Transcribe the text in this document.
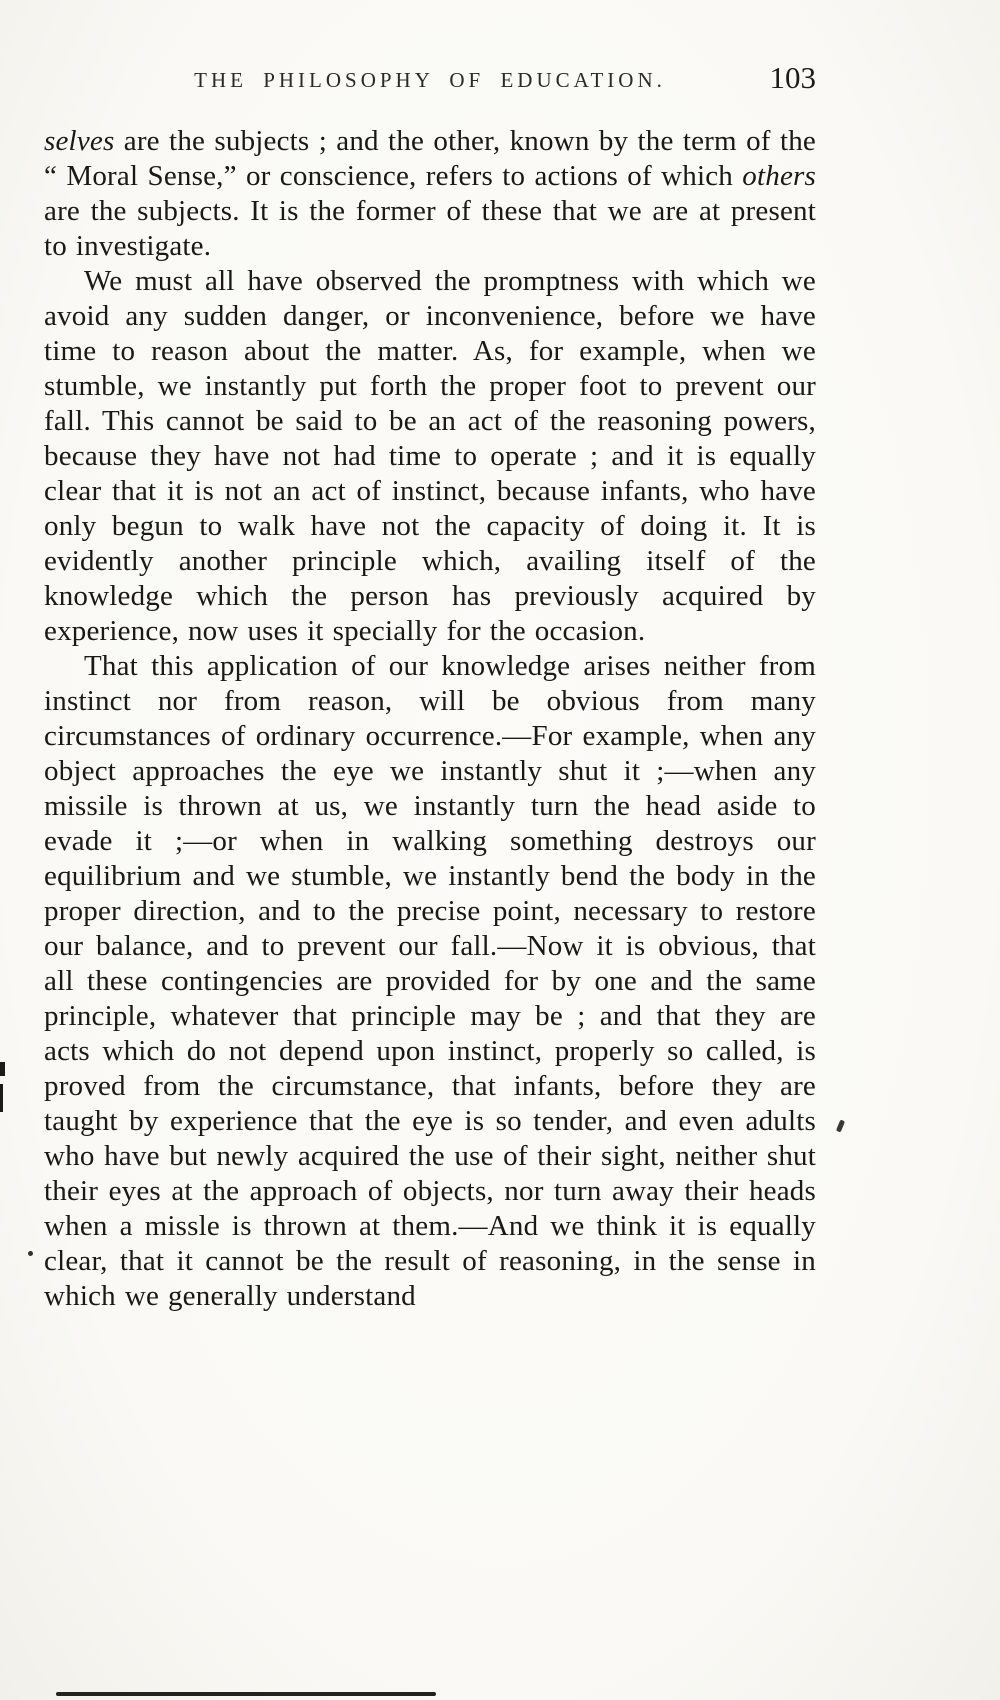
THE PHILOSOPHY OF EDUCATION.	103

selves are the subjects ; and the other, known by the term of the “ Moral Sense,” or conscience, refers to actions of which others are the subjects. It is the former of these that we are at present to investigate.

We must all have observed the promptness with which we avoid any sudden danger, or inconvenience, before we have time to reason about the matter. As, for example, when we stumble, we instantly put forth the proper foot to prevent our fall. This cannot be said to be an act of the reasoning powers, because they have not had time to operate ; and it is equally clear that it is not an act of instinct, because infants, who have only begun to walk have not the capacity of doing it. It is evidently another principle which, availing itself of the knowledge which the person has previously acquired by experience, now uses it specially for the occasion.

That this application of our knowledge arises neither from instinct nor from reason, will be obvious from many circumstances of ordinary occurrence.—For example, when any object approaches the eye we instantly shut it ;—when any missile is thrown at us, we instantly turn the head aside to evade it ;—or when in walking something destroys our equilibrium and we stumble, we instantly bend the body in the proper direction, and to the precise point, necessary to restore our balance, and to prevent our fall.—Now it is obvious, that all these contingencies are provided for by one and the same principle, whatever that principle may be ; and that they are acts which do not depend upon instinct, properly so called, is proved from the circumstance, that infants, before they are taught by experience that the eye is so tender, and even adults who have but newly acquired the use of their sight, neither shut their eyes at the approach of objects, nor turn away their heads when a missle is thrown at them.—And we think it is equally clear, that it cannot be the result of reasoning, in the sense in which we generally understand
